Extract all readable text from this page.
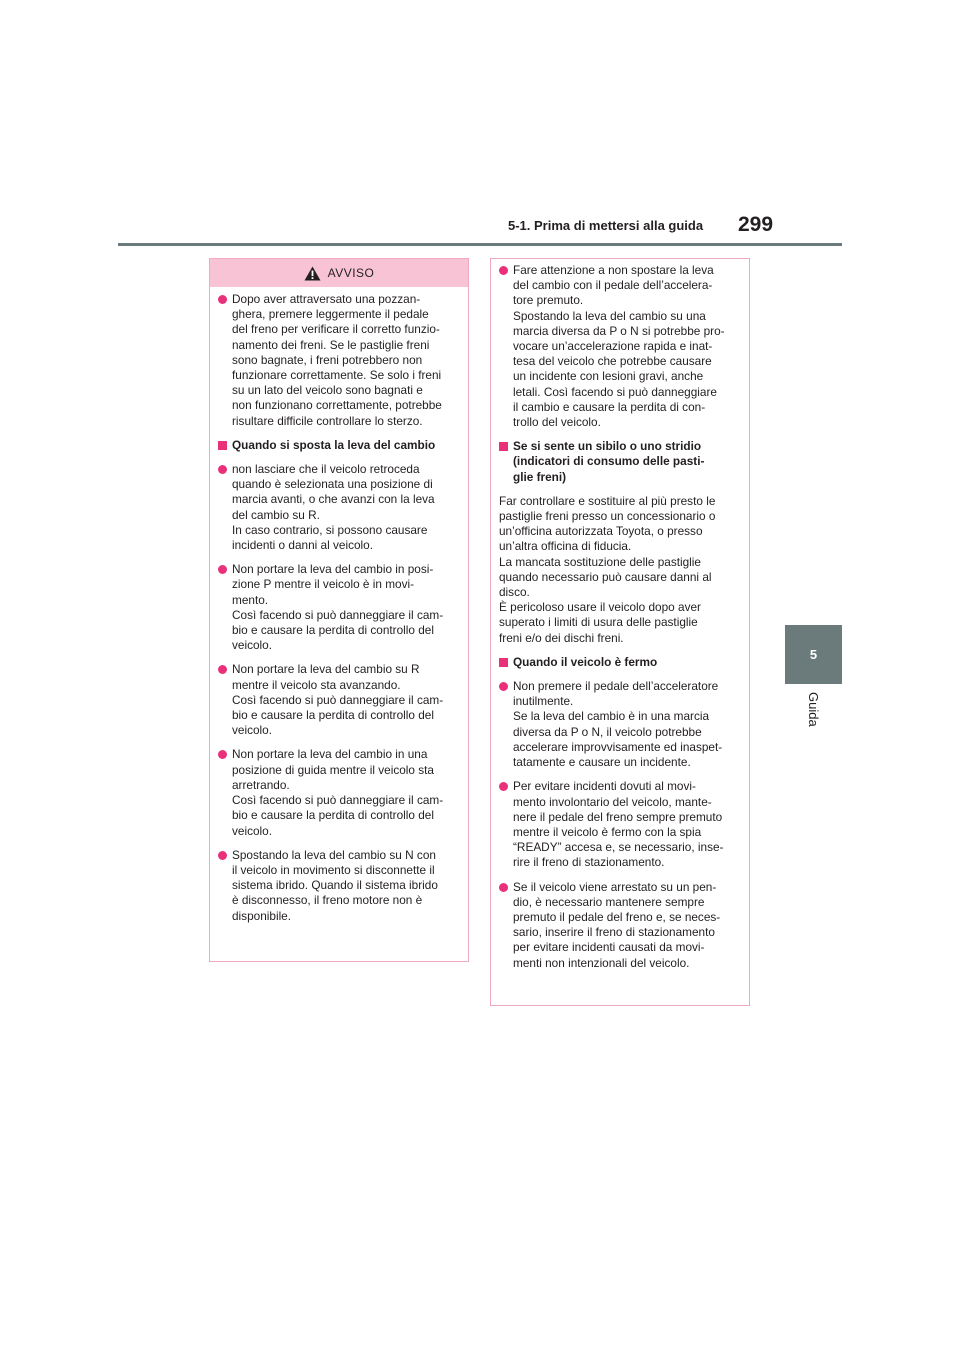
5-1. Prima di mettersi alla guida 299
5
Guida
AVVISO
Dopo aver attraversato una pozzan-
ghera, premere leggermente il pedale
del freno per verificare il corretto funzio-
namento dei freni. Se le pastiglie freni
sono bagnate, i freni potrebbero non
funzionare correttamente. Se solo i freni
su un lato del veicolo sono bagnati e
non funzionano correttamente, potrebbe
risultare difficile controllare lo sterzo.
Quando si sposta la leva del cambio
non lasciare che il veicolo retroceda
quando è selezionata una posizione di
marcia avanti, o che avanzi con la leva
del cambio su R.
In caso contrario, si possono causare
incidenti o danni al veicolo.
Non portare la leva del cambio in posi-
zione P mentre il veicolo è in movi-
mento.
Così facendo si può danneggiare il cam-
bio e causare la perdita di controllo del
veicolo.
Non portare la leva del cambio su R
mentre il veicolo sta avanzando.
Così facendo si può danneggiare il cam-
bio e causare la perdita di controllo del
veicolo.
Non portare la leva del cambio in una
posizione di guida mentre il veicolo sta
arretrando.
Così facendo si può danneggiare il cam-
bio e causare la perdita di controllo del
veicolo.
Spostando la leva del cambio su N con
il veicolo in movimento si disconnette il
sistema ibrido. Quando il sistema ibrido
è disconnesso, il freno motore non è
disponibile.
Fare attenzione a non spostare la leva
del cambio con il pedale dell’accelera-
tore premuto.
Spostando la leva del cambio su una
marcia diversa da P o N si potrebbe pro-
vocare un’accelerazione rapida e inat-
tesa del veicolo che potrebbe causare
un incidente con lesioni gravi, anche
letali. Così facendo si può danneggiare
il cambio e causare la perdita di con-
trollo del veicolo.
Se si sente un sibilo o uno stridio
(indicatori di consumo delle pasti-
glie freni)
Far controllare e sostituire al più presto le
pastiglie freni presso un concessionario o
un’officina autorizzata Toyota, o presso
un’altra officina di fiducia.
La mancata sostituzione delle pastiglie
quando necessario può causare danni al
disco.
È pericoloso usare il veicolo dopo aver
superato i limiti di usura delle pastiglie
freni e/o dei dischi freni.
Quando il veicolo è fermo
Non premere il pedale dell’acceleratore
inutilmente.
Se la leva del cambio è in una marcia
diversa da P o N, il veicolo potrebbe
accelerare improvvisamente ed inaspet-
tatamente e causare un incidente.
Per evitare incidenti dovuti al movi-
mento involontario del veicolo, mante-
nere il pedale del freno sempre premuto
mentre il veicolo è fermo con la spia
“READY” accesa e, se necessario, inse-
rire il freno di stazionamento.
Se il veicolo viene arrestato su un pen-
dio, è necessario mantenere sempre
premuto il pedale del freno e, se neces-
sario, inserire il freno di stazionamento
per evitare incidenti causati da movi-
menti non intenzionali del veicolo.
